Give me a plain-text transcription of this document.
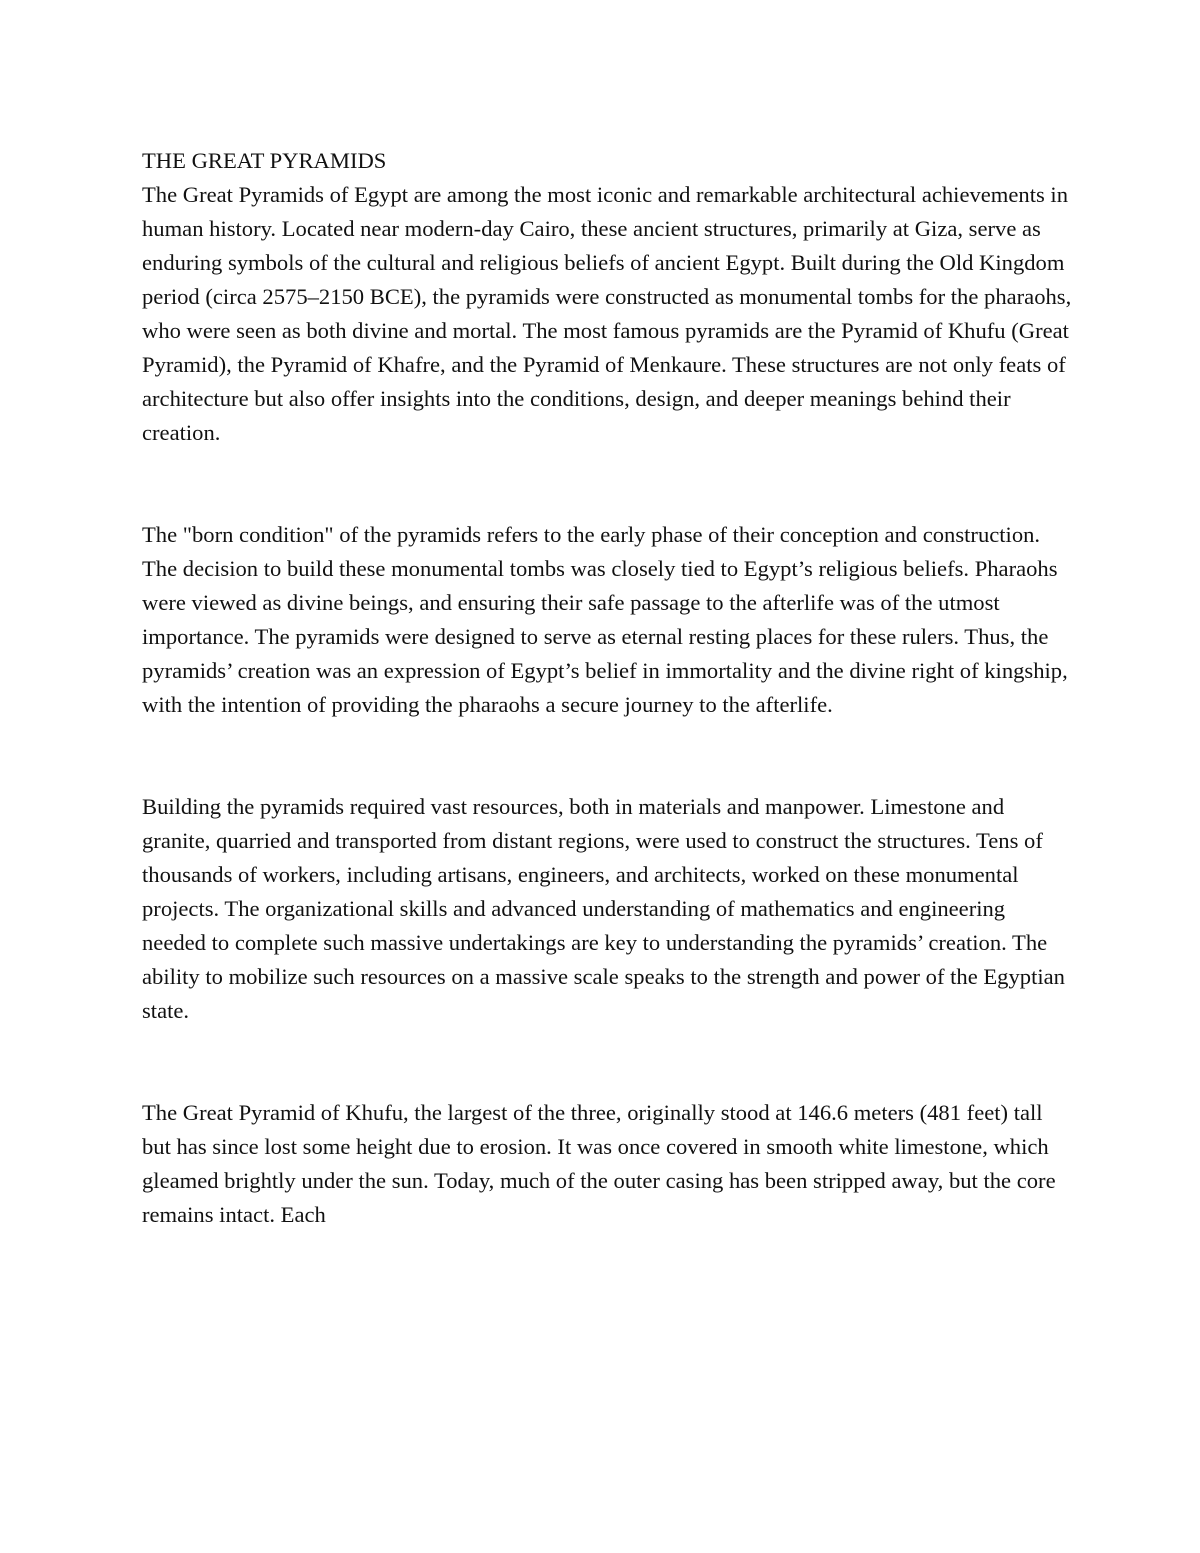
THE GREAT PYRAMIDS

The Great Pyramids of Egypt are among the most iconic and remarkable architectural achievements in human history. Located near modern-day Cairo, these ancient structures, primarily at Giza, serve as enduring symbols of the cultural and religious beliefs of ancient Egypt. Built during the Old Kingdom period (circa 2575–2150 BCE), the pyramids were constructed as monumental tombs for the pharaohs, who were seen as both divine and mortal. The most famous pyramids are the Pyramid of Khufu (Great Pyramid), the Pyramid of Khafre, and the Pyramid of Menkaure. These structures are not only feats of architecture but also offer insights into the conditions, design, and deeper meanings behind their creation.

The "born condition" of the pyramids refers to the early phase of their conception and construction. The decision to build these monumental tombs was closely tied to Egypt’s religious beliefs. Pharaohs were viewed as divine beings, and ensuring their safe passage to the afterlife was of the utmost importance. The pyramids were designed to serve as eternal resting places for these rulers. Thus, the pyramids’ creation was an expression of Egypt’s belief in immortality and the divine right of kingship, with the intention of providing the pharaohs a secure journey to the afterlife.

Building the pyramids required vast resources, both in materials and manpower. Limestone and granite, quarried and transported from distant regions, were used to construct the structures. Tens of thousands of workers, including artisans, engineers, and architects, worked on these monumental projects. The organizational skills and advanced understanding of mathematics and engineering needed to complete such massive undertakings are key to understanding the pyramids’ creation. The ability to mobilize such resources on a massive scale speaks to the strength and power of the Egyptian state.

The Great Pyramid of Khufu, the largest of the three, originally stood at 146.6 meters (481 feet) tall but has since lost some height due to erosion. It was once covered in smooth white limestone, which gleamed brightly under the sun. Today, much of the outer casing has been stripped away, but the core remains intact. Each
